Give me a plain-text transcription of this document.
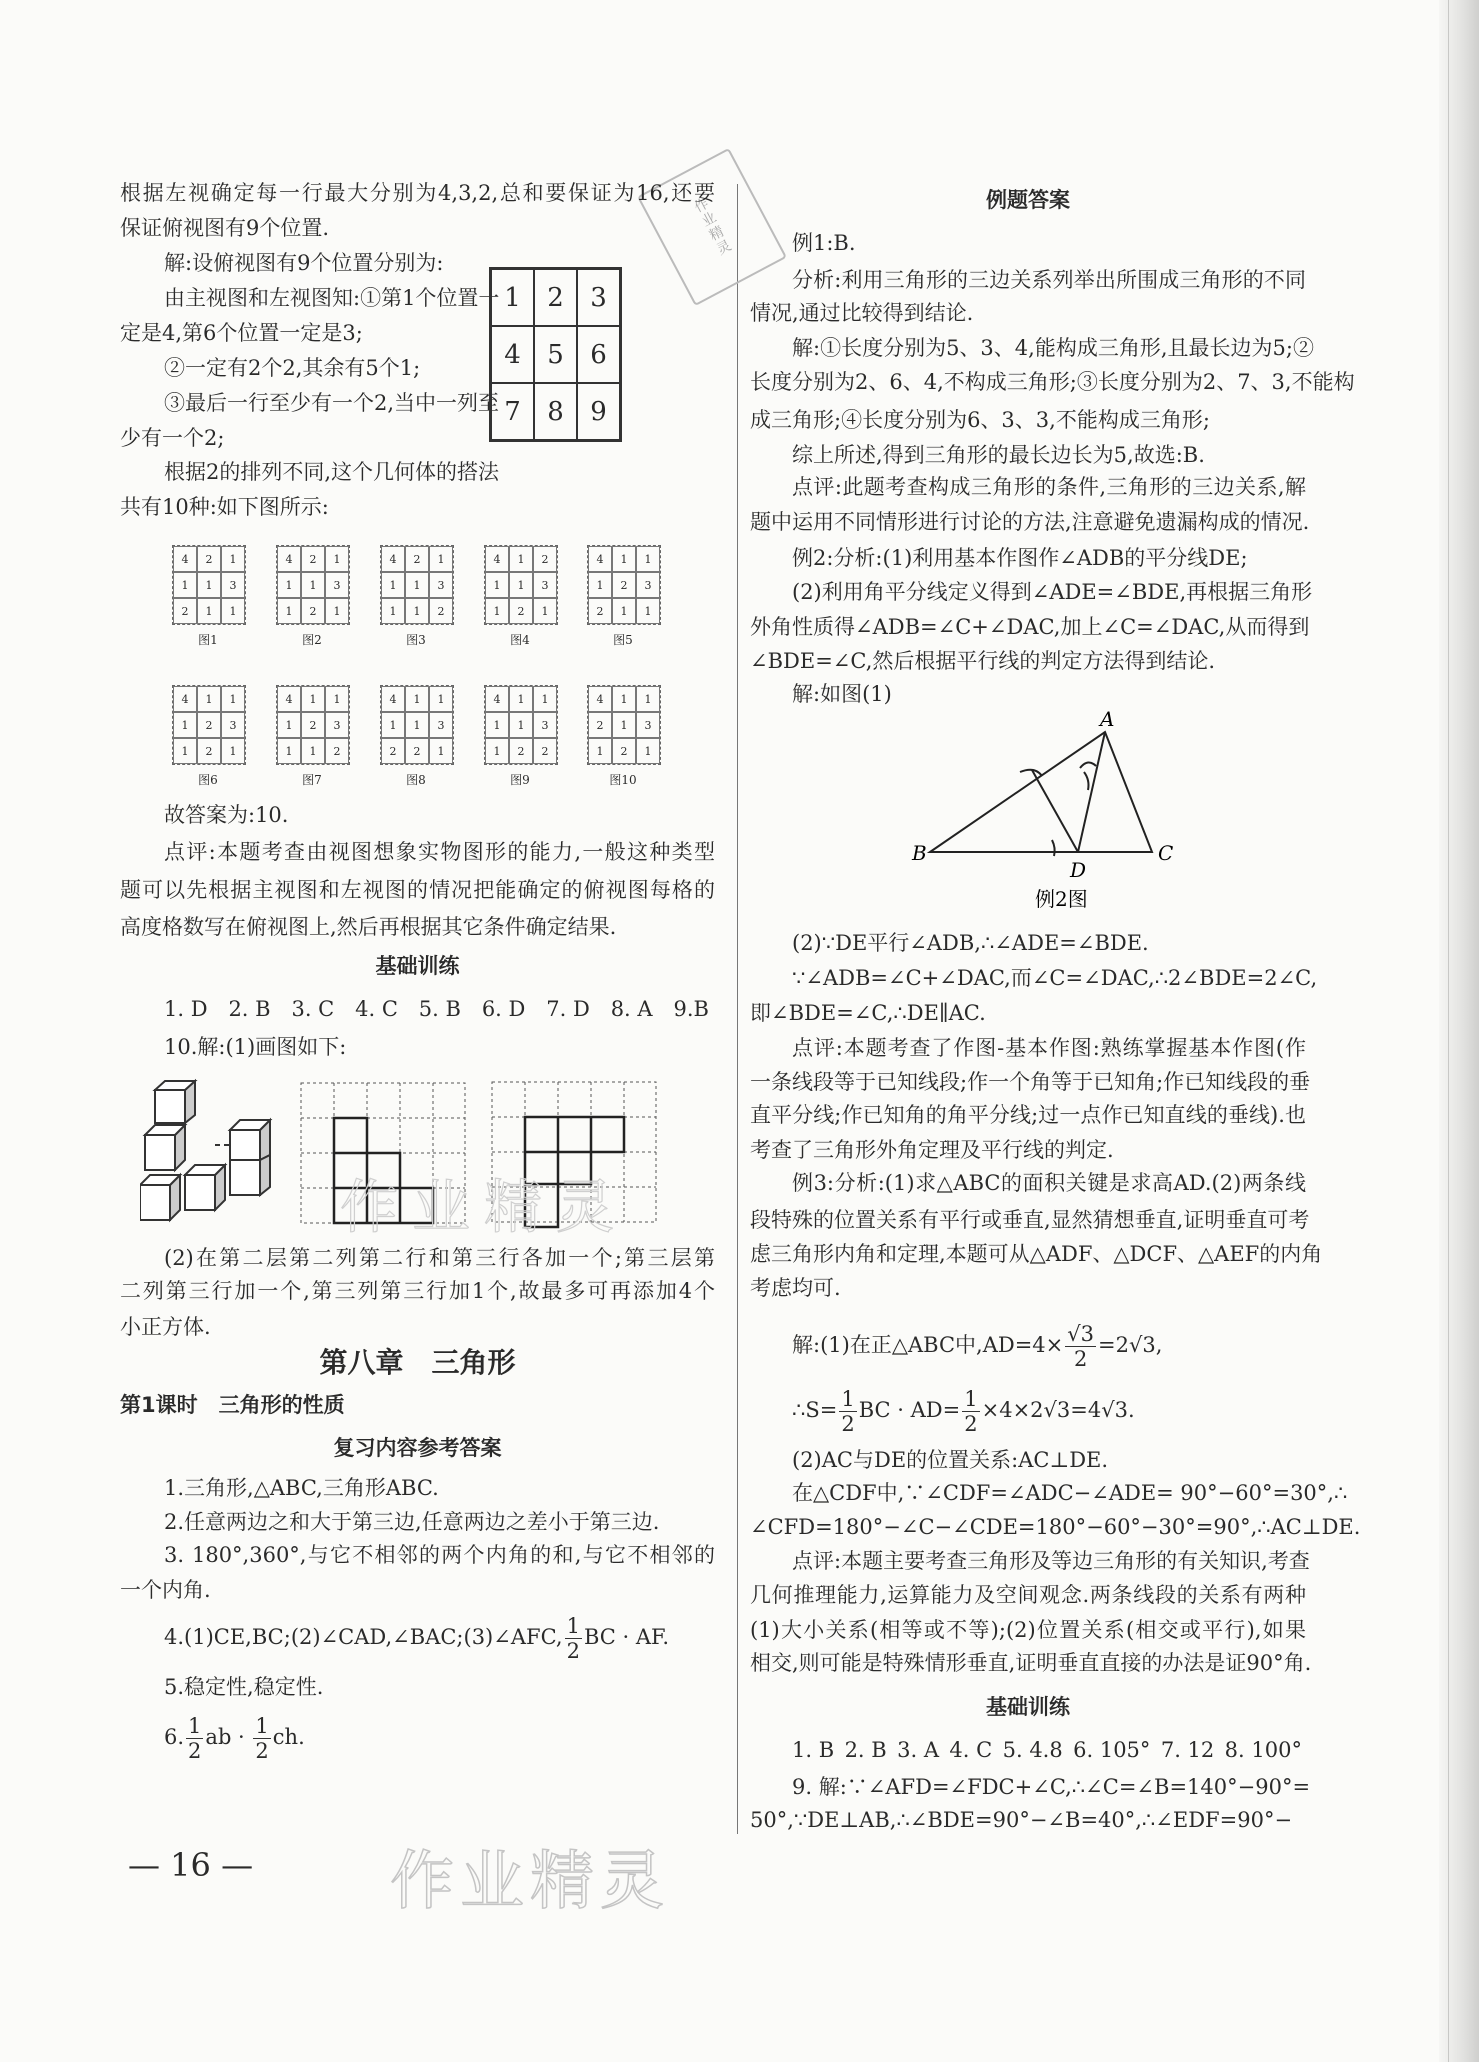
作业精灵
根据左视确定每一行最大分别为4,3,2,总和要保证为16,还要
保证俯视图有9个位置.
解:设俯视图有9个位置分别为:
由主视图和左视图知:①第1个位置一
定是4,第6个位置一定是3;
②一定有2个2,其余有5个1;
③最后一行至少有一个2,当中一列至
少有一个2;
根据2的排列不同,这个几何体的搭法
共有10种:如下图所示:
1	2	3
4	5	6
7	8	9
4	2	1
1	1	3
2	1	1
图1
4	2	1
1	1	3
1	2	1
图2
4	2	1
1	1	3
1	1	2
图3
4	1	2
1	1	3
1	2	1
图4
4	1	1
1	2	3
2	1	1
图5
4	1	1
1	2	3
1	2	1
图6
4	1	1
1	2	3
1	1	2
图7
4	1	1
1	1	3
2	2	1
图8
4	1	1
1	1	3
1	2	2
图9
4	1	1
2	1	3
1	2	1
图10
故答案为:10.
点评:本题考查由视图想象实物图形的能力,一般这种类型
题可以先根据主视图和左视图的情况把能确定的俯视图每格的
高度格数写在俯视图上,然后再根据其它条件确定结果.
基础训练
1. D 2. B 3. C 4. C 5. B 6. D 7. D 8. A 9.B
10.解:(1)画图如下:
(2)在第二层第二列第二行和第三行各加一个;第三层第
二列第三行加一个,第三列第三行加1个,故最多可再添加4个
小正方体.
第八章　三角形
第1课时　三角形的性质
复习内容参考答案
1.三角形,△ABC,三角形ABC.
2.任意两边之和大于第三边,任意两边之差小于第三边.
3. 180°,360°,与它不相邻的两个内角的和,与它不相邻的
一个内角.
4.(1)CE,BC;(2)∠CAD,∠BAC;(3)∠AFC, $\frac{1}{2}$ BC · AF.
5.稳定性,稳定性.
6. $\frac{1}{2}$ ab · $\frac{1}{2}$ ch.
例题答案
例1:B.
分析:利用三角形的三边关系列举出所围成三角形的不同
情况,通过比较得到结论.
解:①长度分别为5、3、4,能构成三角形,且最长边为5;②
长度分别为2、6、4,不构成三角形;③长度分别为2、7、3,不能构
成三角形;④长度分别为6、3、3,不能构成三角形;
综上所述,得到三角形的最长边长为5,故选:B.
点评:此题考查构成三角形的条件,三角形的三边关系,解
题中运用不同情形进行讨论的方法,注意避免遗漏构成的情况.
例2:分析:(1)利用基本作图作∠ADB的平分线DE;
(2)利用角平分线定义得到∠ADE=∠BDE,再根据三角形
外角性质得∠ADB=∠C+∠DAC,加上∠C=∠DAC,从而得到
∠BDE=∠C,然后根据平行线的判定方法得到结论.
解:如图(1)
B
A
C
D
例2图
(2)∵DE平行∠ADB,∴∠ADE=∠BDE.
∵∠ADB=∠C+∠DAC,而∠C=∠DAC,∴2∠BDE=2∠C,
即∠BDE=∠C,∴DE∥AC.
点评:本题考查了作图-基本作图:熟练掌握基本作图(作
一条线段等于已知线段;作一个角等于已知角;作已知线段的垂
直平分线;作已知角的角平分线;过一点作已知直线的垂线).也
考查了三角形外角定理及平行线的判定.
例3:分析:(1)求△ABC的面积关键是求高AD.(2)两条线
段特殊的位置关系有平行或垂直,显然猜想垂直,证明垂直可考
虑三角形内角和定理,本题可从△ADF、△DCF、△AEF的内角
考虑均可.
解:(1)在正△ABC中$,AD=4\times \frac{√3}{2} =2√3$,
∴S= $\frac{1}{2}$ BC · $AD= \frac{1}{2} \times 4\times 2√3=4√3$.
(2)AC与DE的位置关系:AC⊥DE.
在△CDF中,∵∠CDF=∠ADC−∠ADE= 90°−60°=30°,∴
∠CFD=180°−∠C−∠CDE=180°−60°−30°=90°,∴AC⊥DE.
点评:本题主要考查三角形及等边三角形的有关知识,考查
几何推理能力,运算能力及空间观念.两条线段的关系有两种
(1)大小关系(相等或不等);(2)位置关系(相交或平行),如果
相交,则可能是特殊情形垂直,证明垂直直接的办法是证90°角.
基础训练
1. B 2. B 3. A 4. C 5. 4.8 6. 105° 7. 12 8. 100°
9. 解:∵∠AFD=∠FDC+∠C,∴∠C=∠B=140°−90°=
50°,∵DE⊥AB,∴∠BDE=90°−∠B=40°,∴∠EDF=90°−
— 16 — 作业精灵
作业精灵
